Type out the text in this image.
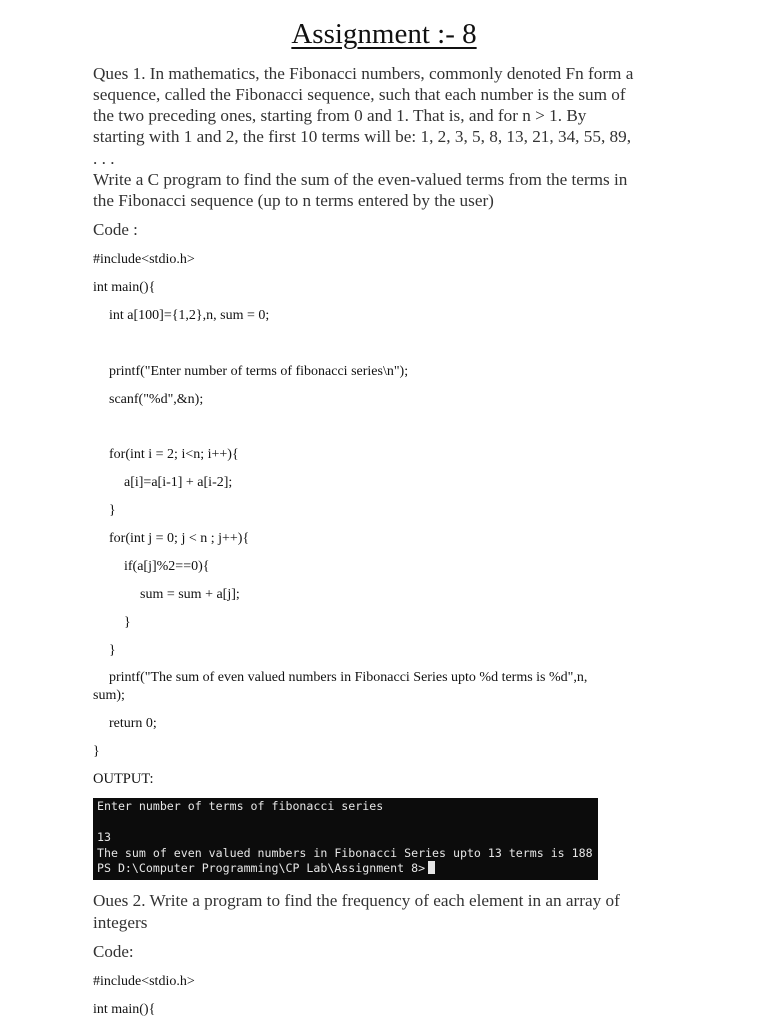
Assignment :- 8
Ques 1. In mathematics, the Fibonacci numbers, commonly denoted Fn form a
sequence, called the Fibonacci sequence, such that each number is the sum of
the two preceding ones, starting from 0 and 1. That is, and for n > 1. By
starting with 1 and 2, the first 10 terms will be: 1, 2, 3, 5, 8, 13, 21, 34, 55, 89,
. . .
Write a C program to find the sum of the even-valued terms from the terms in
the Fibonacci sequence (up to n terms entered by the user)
Code :
#include<stdio.h>
int main(){
int a[100]={1,2},n, sum = 0;
printf("Enter number of terms of fibonacci series\n");
scanf("%d",&n);
for(int i = 2; i<n; i++){
a[i]=a[i-1] + a[i-2];
}
for(int j = 0; j < n ; j++){
if(a[j]%2==0){
sum = sum + a[j];
}
}
printf("The sum of even valued numbers in Fibonacci Series upto %d terms is %d",n,
sum);
return 0;
}
OUTPUT:
Enter number of terms of fibonacci series
13
The sum of even valued numbers in Fibonacci Series upto 13 terms is 188
PS D:\Computer Programming\CP Lab\Assignment 8>
Oues 2. Write a program to find the frequency of each element in an array of
integers
Code:
#include<stdio.h>
int main(){
